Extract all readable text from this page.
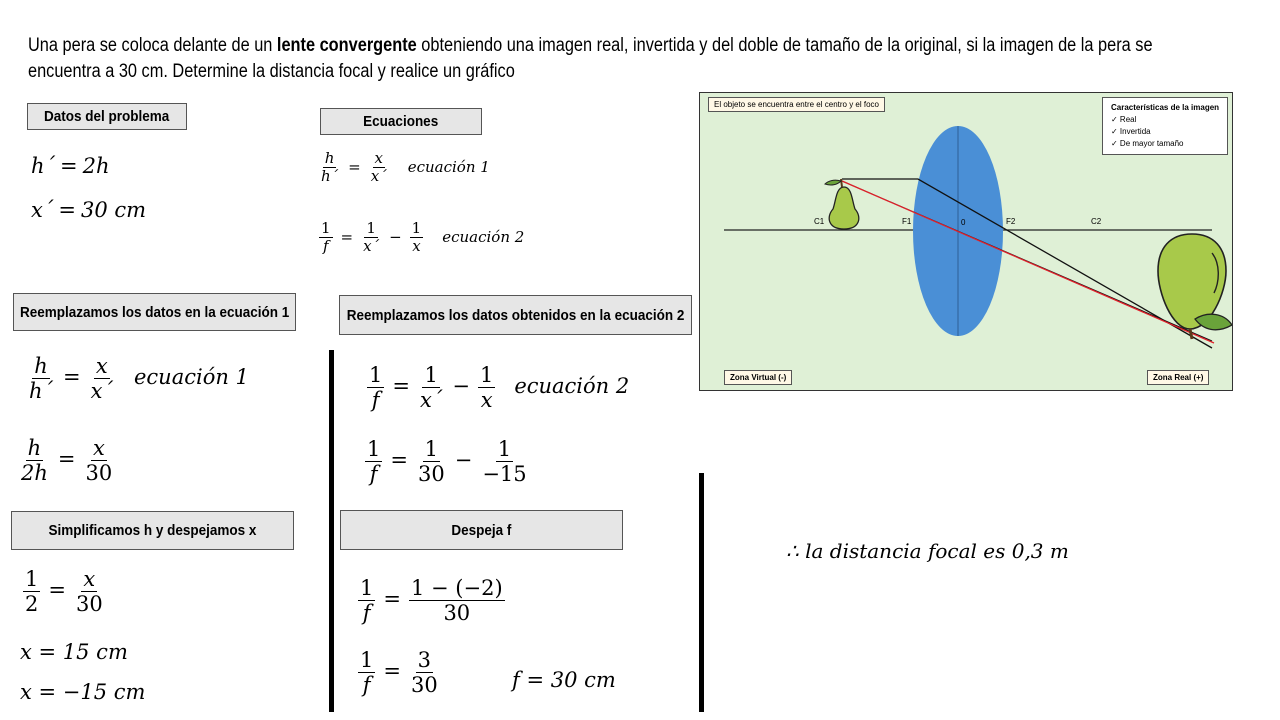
Una pera se coloca delante de un lente convergente obteniendo una imagen real, invertida y del doble de tamaño de la original, si la imagen de la pera se encuentra a 30 cm. Determine la distancia focal y realice un gráfico
Datos del problema	Ecuaciones
Reemplazamos los datos en la ecuación 1	Reemplazamos los datos obtenidos en la ecuación 2
Simplificamos h y despejamos x	Despeja f
h´ = 2h
x´ = 30 cm
$\frac{h}{h´} = \frac{x}{x´}$ ecuación 1
$\frac{1}{f} = \frac{1}{x´} - \frac{1}{x}$ ecuación 2
$\frac{h}{h´} = \frac{x}{x´}$ ecuación 1
$\frac{h}{2h} = \frac{x}{30}$
$\frac{1}{2} = \frac{x}{30}$
x = 15 cm
x = −15 cm
$\frac{1}{f} = \frac{1}{x´} - \frac{1}{x}$ ecuación 2
$\frac{1}{f} = \frac{1}{30} - \frac{1}{-15}$
$\frac{1}{f} = \frac{1 - (-2)}{30}$
$\frac{1}{f} = \frac{3}{30}$	f = 30 cm
∴ la distancia focal es 0,3 m
El objeto se encuentra entre el centro y el foco	Características de la imagen
✓ Real
✓ Invertida
✓ De mayor tamaño
C1	F1	0	F2	C2
Zona Virtual (-)	Zona Real (+)
